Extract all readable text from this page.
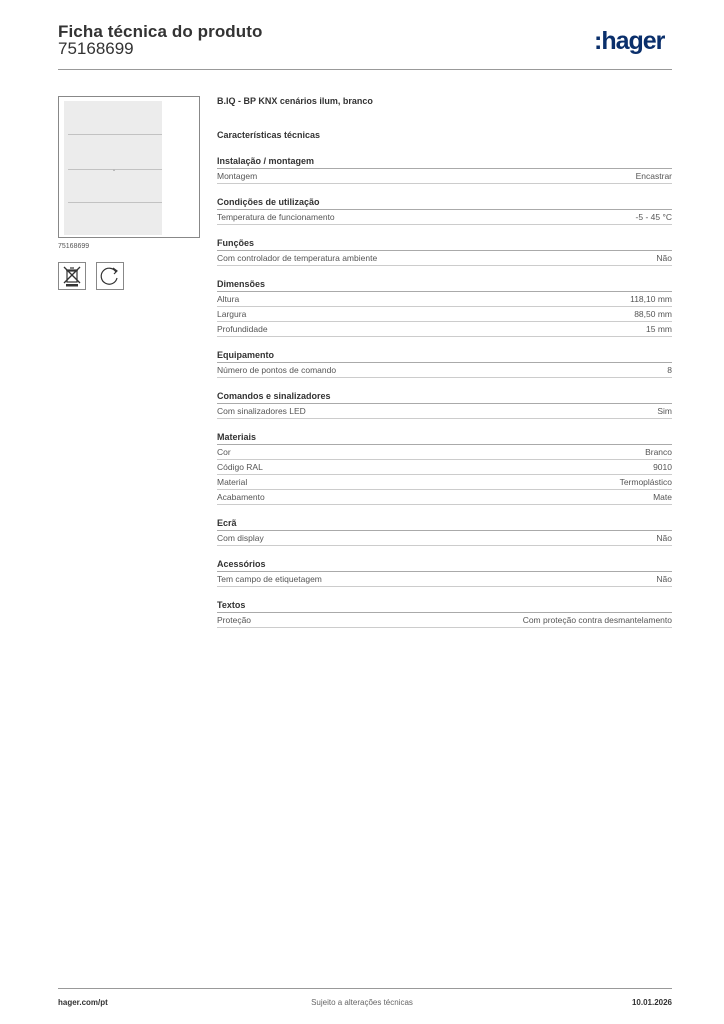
Ficha técnica do produto
75168699	:hager
75168699
B.IQ - BP KNX cenários ilum, branco
Características técnicas
Instalação / montagem
Montagem	Encastrar
Condições de utilização
Temperatura de funcionamento	-5 - 45 °C
Funções
Com controlador de temperatura ambiente	Não
Dimensões
Altura	118,10 mm
Largura	88,50 mm
Profundidade	15 mm
Equipamento
Número de pontos de comando	8
Comandos e sinalizadores
Com sinalizadores LED	Sim
Materiais
Cor	Branco
Código RAL	9010
Material	Termoplástico
Acabamento	Mate
Ecrã
Com display	Não
Acessórios
Tem campo de etiquetagem	Não
Textos
Proteção	Com proteção contra desmantelamento
hager.com/pt	Sujeito a alterações técnicas	10.01.2026
